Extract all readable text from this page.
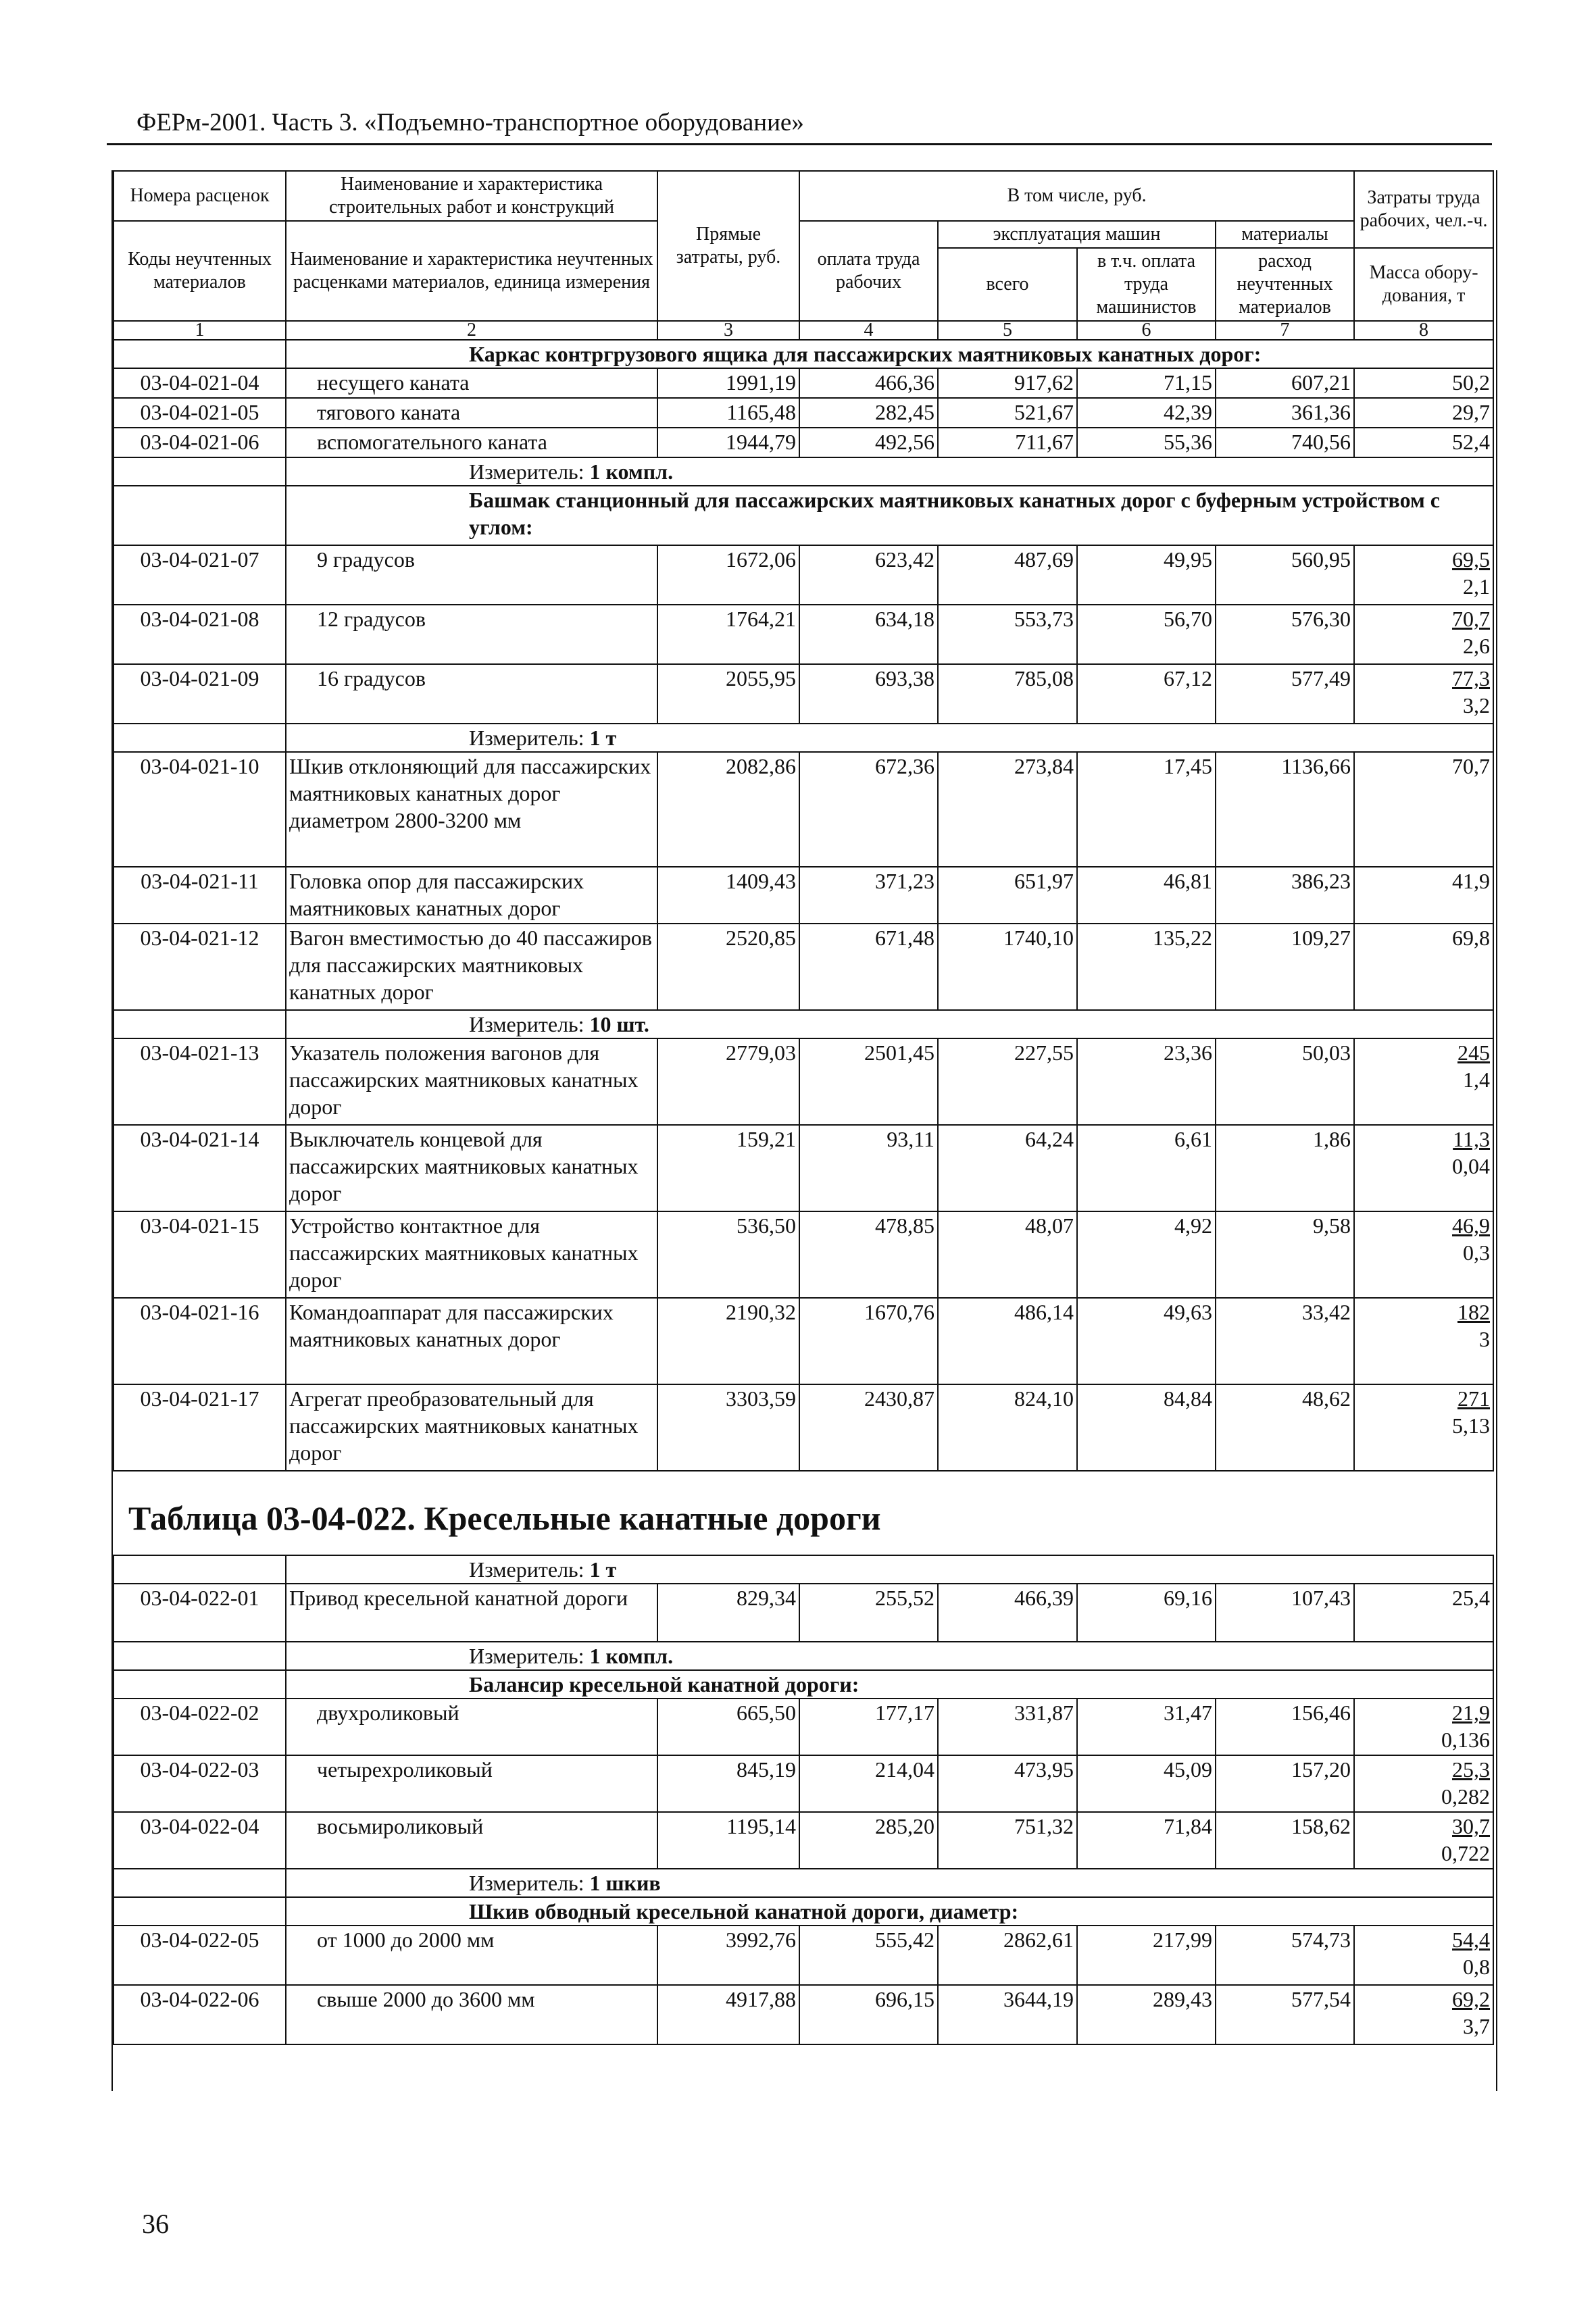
ФЕРм-2001. Часть 3. «Подъемно-транспортное оборудование»
Номера расценок	Наименование и характеристика строительных работ и конструкций	Прямые затраты, руб.	В том числе, руб.				Затраты труда рабочих, чел.-ч.
Коды неучтенных материалов	Наименование и характеристика неучтенных расценками материалов, единица измерения		оплата труда рабочих	эксплуатация машин		материалы	
				всего	в т.ч. оплата труда машинистов	расход неучтенных материалов	Масса обору-дования, т
1	2	3	4	5	6	7	8
	Каркас контргрузового ящика для пассажирских маятниковых канатных дорог:						
03-04-021-04	несущего каната	1991,19	466,36	917,62	71,15	607,21	50,2

03-04-021-05	тягового каната	1165,48	282,45	521,67	42,39	361,36	29,7

03-04-021-06	вспомогательного каната	1944,79	492,56	711,67	55,36	740,56	52,4

	Измеритель: 1 компл.						
	Башмак станционный для пассажирских маятниковых канатных дорог с буферным устройством с углом:						
03-04-021-07	9 градусов	1672,06	623,42	487,69	49,95	560,95	69,5
2,1

03-04-021-08	12 градусов	1764,21	634,18	553,73	56,70	576,30	70,7
2,6

03-04-021-09	16 градусов	2055,95	693,38	785,08	67,12	577,49	77,3
3,2

	Измеритель: 1 т						
03-04-021-10	Шкив отклоняющий для пассажирских маятниковых канатных дорог диаметром 2800-3200 мм	2082,86	672,36	273,84	17,45	1136,66	70,7

03-04-021-11	Головка опор для пассажирских маятниковых канатных дорог	1409,43	371,23	651,97	46,81	386,23	41,9

03-04-021-12	Вагон вместимостью до 40 пассажиров для пассажирских маятниковых канатных дорог	2520,85	671,48	1740,10	135,22	109,27	69,8

	Измеритель: 10 шт.						
03-04-021-13	Указатель положения вагонов для пассажирских маятниковых канатных дорог	2779,03	2501,45	227,55	23,36	50,03	245
1,4

03-04-021-14	Выключатель концевой для пассажирских маятниковых канатных дорог	159,21	93,11	64,24	6,61	1,86	11,3
0,04

03-04-021-15	Устройство контактное для пассажирских маятниковых канатных дорог	536,50	478,85	48,07	4,92	9,58	46,9
0,3

03-04-021-16	Командоаппарат для пассажирских маятниковых канатных дорог	2190,32	1670,76	486,14	49,63	33,42	182
3

03-04-021-17	Агрегат преобразовательный для пассажирских маятниковых канатных дорог	3303,59	2430,87	824,10	84,84	48,62	271
5,13

Таблица 03-04-022. Кресельные канатные дороги							
	Измеритель: 1 т						
03-04-022-01	Привод кресельной канатной дороги	829,34	255,52	466,39	69,16	107,43	25,4

	Измеритель: 1 компл.						
	Балансир кресельной канатной дороги:						
03-04-022-02	двухроликовый	665,50	177,17	331,87	31,47	156,46	21,9
0,136

03-04-022-03	четырехроликовый	845,19	214,04	473,95	45,09	157,20	25,3
0,282

03-04-022-04	восьмироликовый	1195,14	285,20	751,32	71,84	158,62	30,7
0,722

	Измеритель: 1 шкив						
	Шкив обводный кресельной канатной дороги, диаметр:						
03-04-022-05	от 1000 до 2000 мм	3992,76	555,42	2862,61	217,99	574,73	54,4
0,8

03-04-022-06	свыше 2000 до 3600 мм	4917,88	696,15	3644,19	289,43	577,54	69,2
3,7
36
